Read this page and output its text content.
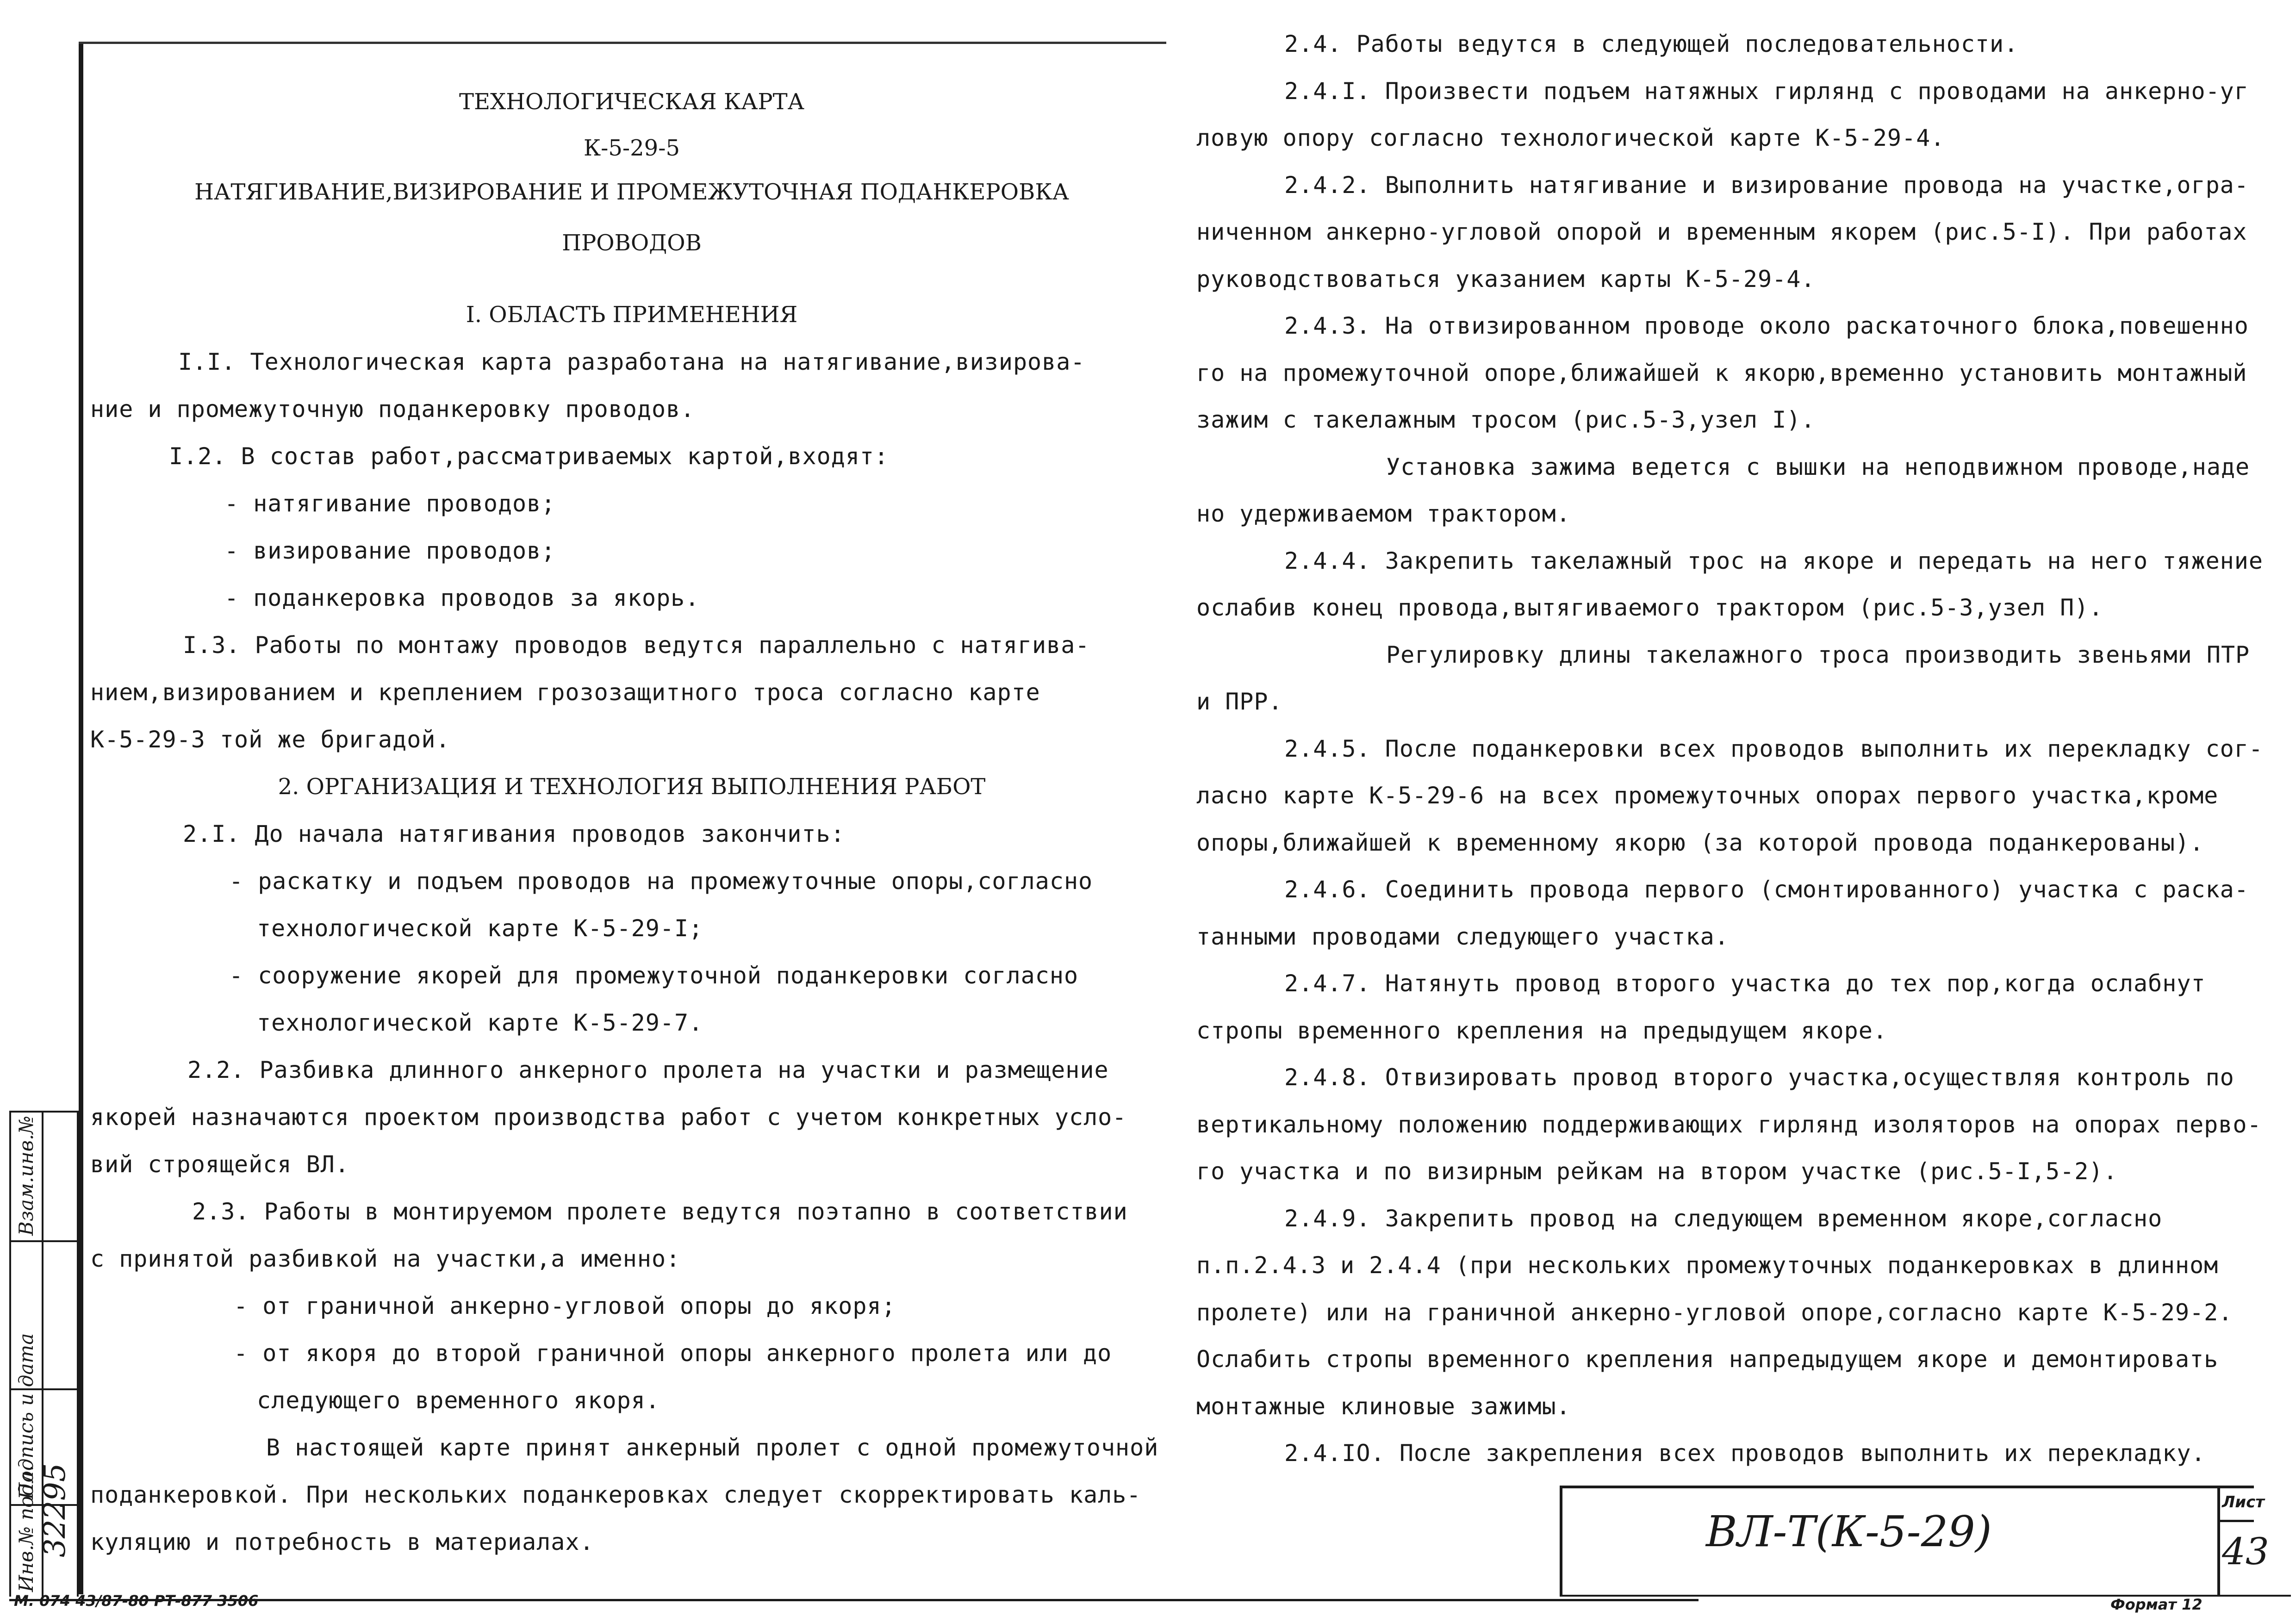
ТЕХНОЛОГИЧЕСКАЯ КАРТА
К-5-29-5
НАТЯГИВАНИЕ,ВИЗИРОВАНИЕ И ПРОМЕЖУТОЧНАЯ ПОДАНКЕРОВКА
ПРОВОДОВ
I. ОБЛАСТЬ ПРИМЕНЕНИЯ
I.I. Технологическая карта разработана на натягивание,визирова-
ние и промежуточную поданкеровку проводов.
I.2. В состав работ,рассматриваемых картой,входят:
- натягивание проводов;
- визирование проводов;
- поданкеровка проводов за якорь.
I.3. Работы по монтажу проводов ведутся параллельно с натягива-
нием,визированием и креплением грозозащитного троса согласно карте
К-5-29-3 той же бригадой.
2. ОРГАНИЗАЦИЯ И ТЕХНОЛОГИЯ ВЫПОЛНЕНИЯ РАБОТ
2.I. До начала натягивания проводов закончить:
- раскатку и подъем проводов на промежуточные опоры,согласно
технологической карте К-5-29-I;
- сооружение якорей для промежуточной поданкеровки согласно
технологической карте К-5-29-7.
2.2. Разбивка длинного анкерного пролета на участки и размещение
якорей назначаются проектом производства работ с учетом конкретных усло-
вий строящейся ВЛ.
2.3. Работы в монтируемом пролете ведутся поэтапно в соответствии
с принятой разбивкой на участки,а именно:
- от граничной анкерно-угловой опоры до якоря;
- от якоря до второй граничной опоры анкерного пролета или до
следующего временного якоря.
В настоящей карте принят анкерный пролет с одной промежуточной
поданкеровкой. При нескольких поданкеровках следует скорректировать каль-
куляцию и потребность в материалах.
2.4. Работы ведутся в следующей последовательности.
2.4.I. Произвести подъем натяжных гирлянд с проводами на анкерно-уг
ловую опору согласно технологической карте К-5-29-4.
2.4.2. Выполнить натягивание и визирование провода на участке,огра-
ниченном анкерно-угловой опорой и временным якорем (рис.5-I). При работах
руководствоваться указанием карты К-5-29-4.
2.4.3. На отвизированном проводе около раскаточного блока,повешенно
го на промежуточной опоре,ближайшей к якорю,временно установить монтажный
зажим с такелажным тросом (рис.5-3,узел I).
Установка зажима ведется с вышки на неподвижном проводе,наде
но удерживаемом трактором.
2.4.4. Закрепить такелажный трос на якоре и передать на него тяжение
ослабив конец провода,вытягиваемого трактором (рис.5-3,узел П).
Регулировку длины такелажного троса производить звеньями ПТР
и ПРР.
2.4.5. После поданкеровки всех проводов выполнить их перекладку сог-
ласно карте К-5-29-6 на всех промежуточных опорах первого участка,кроме
опоры,ближайшей к временному якорю (за которой провода поданкерованы).
2.4.6. Соединить провода первого (смонтированного) участка с раска-
танными проводами следующего участка.
2.4.7. Натянуть провод второго участка до тех пор,когда ослабнут
стропы временного крепления на предыдущем якоре.
2.4.8. Отвизировать провод второго участка,осуществляя контроль по
вертикальному положению поддерживающих гирлянд изоляторов на опорах перво-
го участка и по визирным рейкам на втором участке (рис.5-I,5-2).
2.4.9. Закрепить провод на следующем временном якоре,согласно
п.п.2.4.3 и 2.4.4 (при нескольких промежуточных поданкеровках в длинном
пролете) или на граничной анкерно-угловой опоре,согласно карте К-5-29-2.
Ослабить стропы временного крепления напредыдущем якоре и демонтировать
монтажные клиновые зажимы.
2.4.IO. После закрепления всех проводов выполнить их перекладку.
Инв.№ подл.
Подпись и дата
Взам.инв.№
32295
М. 074 43/87-80 РТ-877 3506
ВЛ-Т(К-5-29)
Лист
43
Формат 12
